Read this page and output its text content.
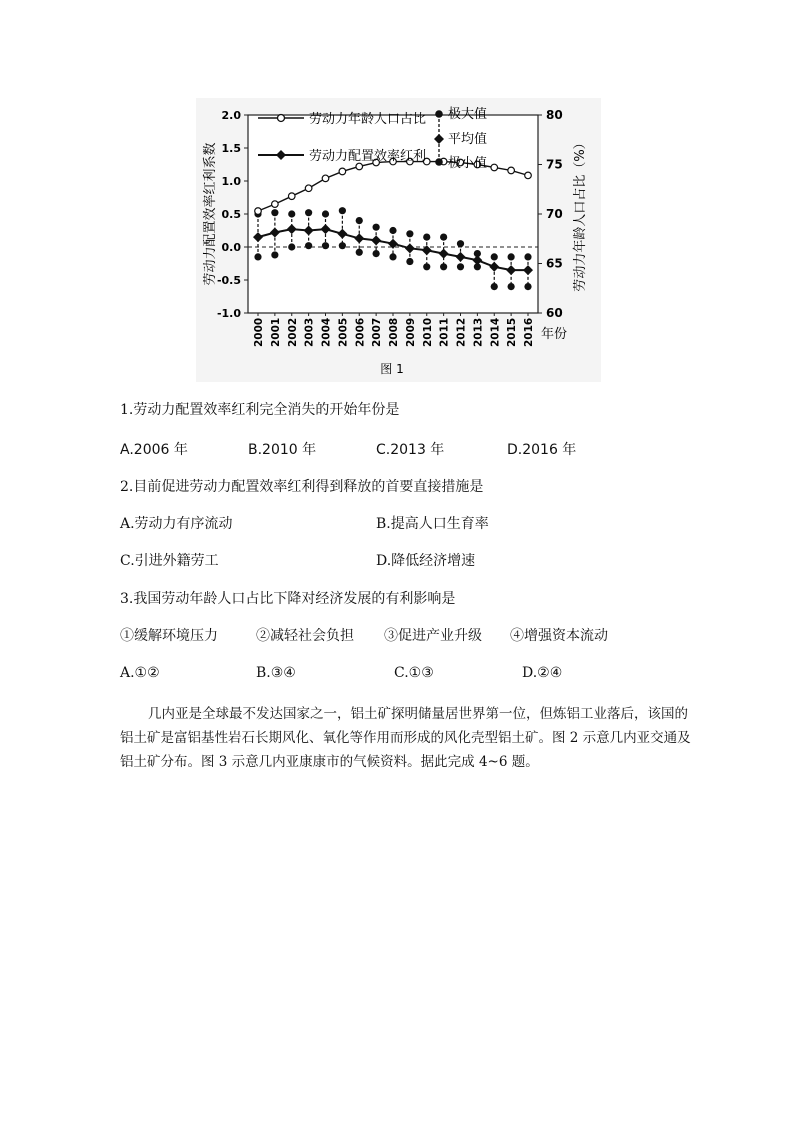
2.0
1.5
1.0
0.5
0.0
-0.5
-1.0
80
75
70
65
60
2000 2001 2002 2003 2004 2005 2006 2007 2008 2009 2010 2011 2012 2013 2014 2015 2016 年份
劳动力配置效率红利系数	劳动力年龄人口占比（%）
劳动力年龄人口占比
劳动力配置效率红利
极大值
平均值
极小值
图 1
1.劳动力配置效率红利完全消失的开始年份是
A.2006 年	B.2010 年	C.2013 年	D.2016 年
2.目前促进劳动力配置效率红利得到释放的首要直接措施是
A.劳动力有序流动	B.提高人口生育率
C.引进外籍劳工	D.降低经济增速
3.我国劳动年龄人口占比下降对经济发展的有利影响是
①缓解环境压力	②减轻社会负担 ③促进产业升级 ④增强资本流动
A.①②	B.③④	C.①③	D.②④
几内亚是全球最不发达国家之一，铝土矿探明储量居世界第一位，但炼铝工业落后，该国的铝土矿是富铝基性岩石长期风化、氧化等作用而形成的风化壳型铝土矿。图 2 示意几内亚交通及铝土矿分布。图 3 示意几内亚康康市的气候资料。据此完成 4~6 题。
